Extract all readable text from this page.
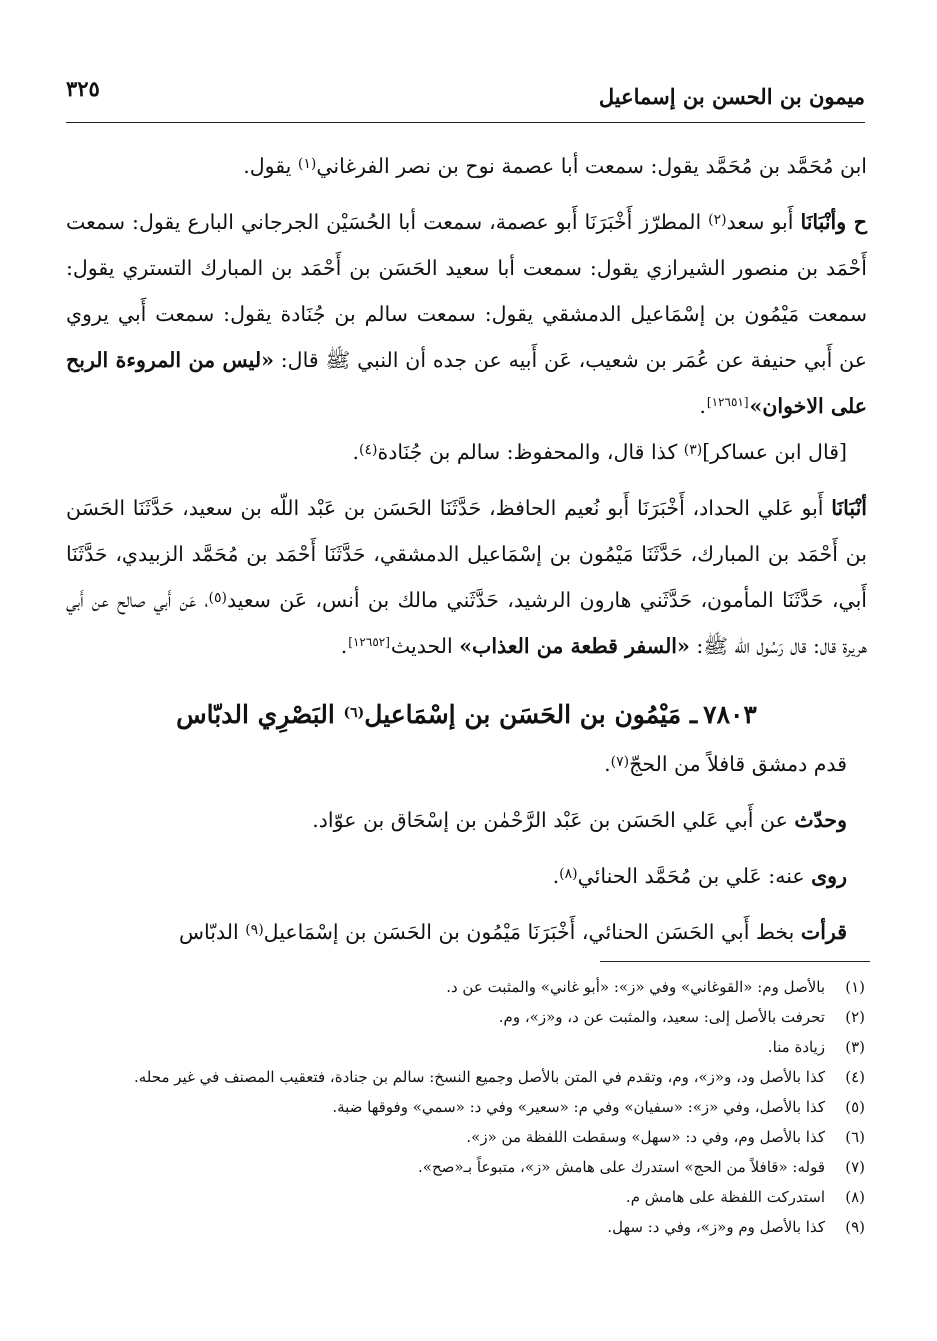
ميمون بن الحسن بن إسماعيل
٣٢٥

ابن مُحَمَّد بن مُحَمَّد يقول: سمعت أبا عصمة نوح بن نصر الفرغاني$^{(١)}$ يقول.

ح وأنْبَانَا أَبو سعد$^{(٢)}$ المطرّز أَخْبَرَنَا أَبو عصمة، سمعت أبا الحُسَيْن الجرجاني البارع يقول: سمعت أَحْمَد بن منصور الشيرازي يقول: سمعت أبا سعيد الحَسَن بن أَحْمَد بن المبارك التستري يقول: سمعت مَيْمُون بن إسْمَاعيل الدمشقي يقول: سمعت سالم بن جُنَادة يقول: سمعت أَبي يروي عن أَبي حنيفة عن عُمَر بن شعيب، عَن أَبيه عن جده أن النبي ﷺ قال: «ليس من المروءة الربح على الاخوان»[١٢٦٥١].

[قال ابن عساكر]$^{(٣)}$ كذا قال، والمحفوظ: سالم بن جُنَادة$^{(٤)}$.

أنْبَانَا أَبو عَلي الحداد، أَخْبَرَنَا أَبو نُعيم الحافظ، حَدَّثَنَا الحَسَن بن عَبْد اللّه بن سعيد، حَدَّثَنَا الحَسَن بن أَحْمَد بن المبارك، حَدَّثَنَا مَيْمُون بن إسْمَاعيل الدمشقي، حَدَّثَنَا أَحْمَد بن مُحَمَّد الزبيدي، حَدَّثَنَا أَبي، حَدَّثَنَا المأمون، حَدَّثَني هارون الرشيد، حَدَّثَني مالك بن أنس، عَن سعيد$^{(٥)}$، عَن أَبي صالح عن أَبي هريرة قال: قال رَسُول الله ﷺ: «السفر قطعة من العذاب» الحديث[١٢٦٥٢].

٧٨٠٣ـ مَيْمُون بن الحَسَن بن إسْمَاعيل$^{(٦)}$ البَصْرِي الدبّاس

قدم دمشق قافلاً من الحجّ$^{(٧)}$.

وحدّث عن أَبي عَلي الحَسَن بن عَبْد الرَّحْمٰن بن إسْحَاق بن عوّاد.

روى عنه: عَلي بن مُحَمَّد الحنائي$^{(٨)}$.

قرأت بخط أَبي الحَسَن الحنائي، أَخْبَرَنَا مَيْمُون بن الحَسَن بن إسْمَاعيل$^{(٩)}$ الدبّاس

(١)
بالأصل وم: «القوغاني» وفي «ز»: «أبو غاني» والمثبت عن د.
(٢)
تحرفت بالأصل إلى: سعيد، والمثبت عن د، و«ز»، وم.
(٣)
زيادة منا.
(٤)
كذا بالأصل ود، و«ز»، وم، وتقدم في المتن بالأصل وجميع النسخ: سالم بن جنادة، فتعقيب المصنف في غير محله.
(٥)
كذا بالأصل، وفي «ز»: «سفيان» وفي م: «سعير» وفي د: «سمي» وفوقها ضبة.
(٦)
كذا بالأصل وم، وفي د: «سهل» وسقطت اللفظة من «ز».
(٧)
قوله: «قافلاً من الحج» استدرك على هامش «ز»، متبوعاً بـ«صح».
(٨)
استدركت اللفظة على هامش م.
(٩)
كذا بالأصل وم و«ز»، وفي د: سهل.
